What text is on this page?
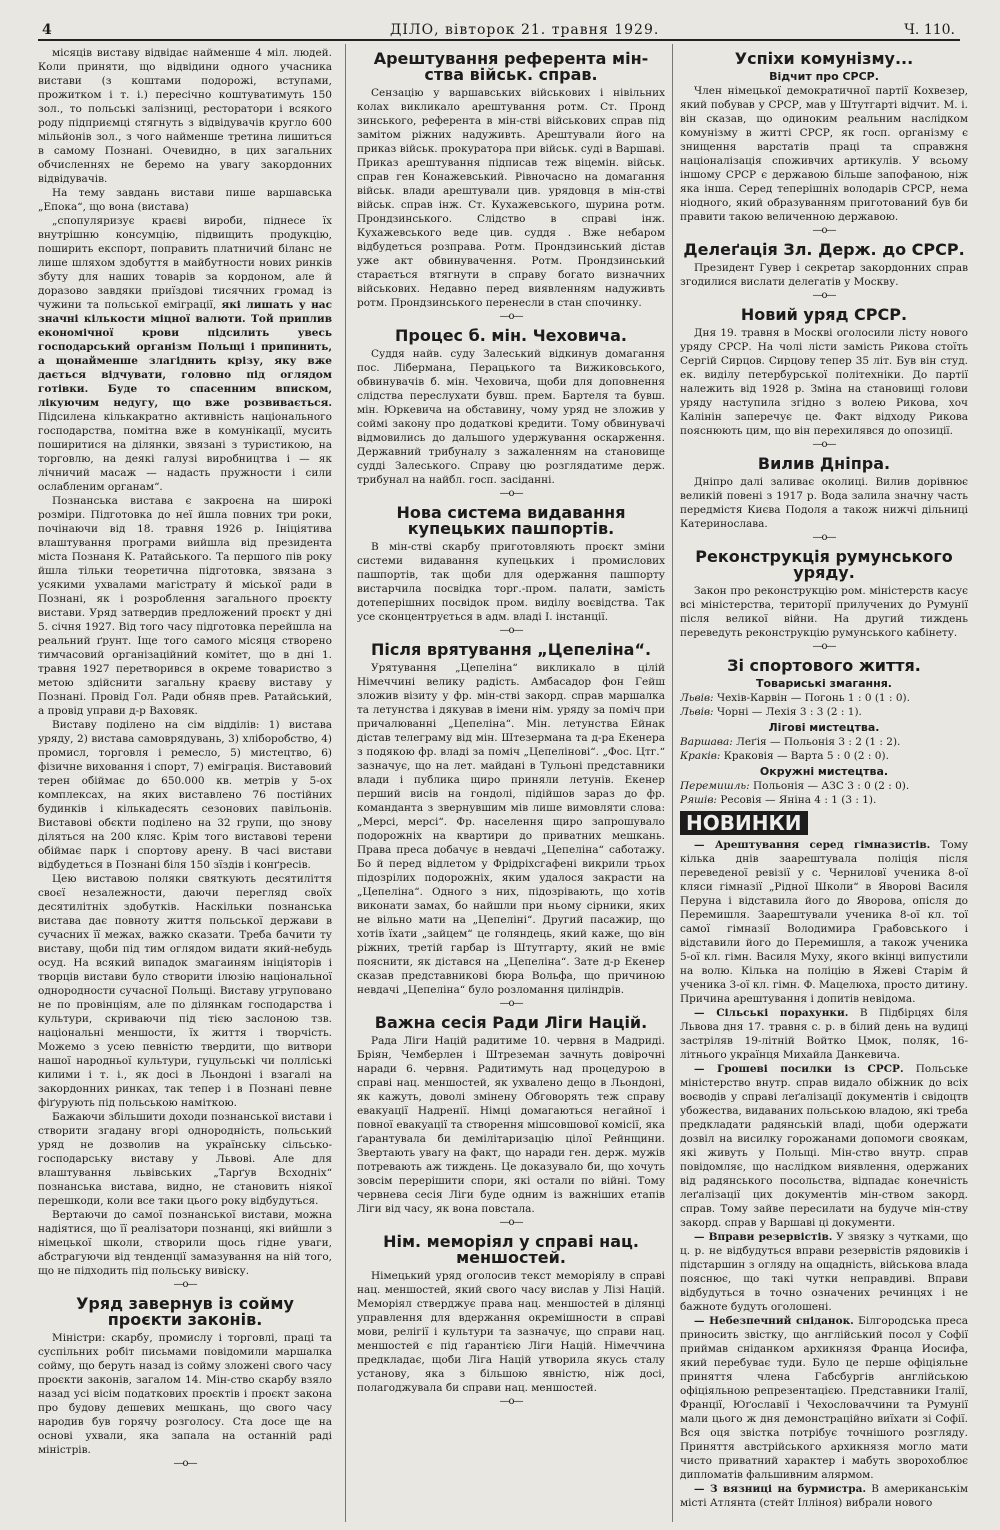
4	ДІЛО, вівторок 21. травня 1929.	Ч. 110.

місяців виставу відвідає найменше 4 міл. людей. Коли приняти, що відвідини одного учасника вистави (з коштами подорожі, вступами, прожитком і т. і.) пересічно коштуватимуть 150 зол., то польські залізниці, ресторатори і всякого роду підприємці стягнуть з відвідувачів кругло 600 мільйонів зол., з чого найменше третина лишиться в самому Познані. Очевидно, в цих загальних обчисленнях не беремо на увагу закордонних відвідувачів.

На тему завдань вистави пише варшавська „Епока“, що вона (вистава)

„спопуляризує краєві вироби, піднесе їх внутрішню консумцію, підвищить продукцію, поширить експорт, поправить платничий біланс не лише шляхом здобуття в майбутности нових ринків збуту для наших товарів за кордоном, але й доразово завдяки приїздові тисячних громад із чужини та польської еміграції, які лишать у нас значні кількости міцної валюти. Той приплив економічної крови підсилить увесь господарський організм Польщі і припинить, а щонайменше злагіднить крізу, яку вже дається відчувати, головно під оглядом готівки. Буде то спасенним вписком, лікуючим недугу, що вже розвивається. Підсилена кількакратно активність національного господарства, помітна вже в комунікації, мусить поширитися на ділянки, звязані з туристикою, на торговлю, на деякі галузі виробництва і — як лічничий масаж — надасть пружности і сили ослабленим органам“.

Познанська вистава є закроєна на широкі розміри. Підготовка до неї йшла повних три роки, почінаючи від 18. травня 1926 р. Ініціятива влаштування програми вийшла від президента міста Познаня К. Ратайського. Та першого пів року йшла тільки теоретична підготовка, звязана з усякими ухвалами магістрату й міської ради в Познані, як і розроблення загального проєкту вистави. Уряд затвердив предложений проєкт у дні 5. січня 1927. Від того часу підготовка перейшла на реальний ґрунт. Іще того самого місяця створено тимчасовий організаційний комітет, що в дні 1. травня 1927 перетворився в окреме товариство з метою здійснити загальну краєву виставу у Познані. Провід Гол. Ради обняв прев. Ратайський, а провід управи д-р Ваховяк.

Виставу поділено на сім відділів: 1) вистава уряду, 2) вистава самоврядувань, 3) хліборобство, 4) промисл, торговля і ремесло, 5) мистецтво, 6) фізичне виховання і спорт, 7) еміграція. Виставовий терен обіймає до 650.000 кв. метрів у 5-ох комплексах, на яких виставлено 76 постійних будинків і кількадесять сезонових павільонів. Виставові обєкти поділено на 32 групи, що знову діляться на 200 кляс. Крім того виставові терени обіймає парк і спортову арену. В часі вистави відбудеться в Познані біля 150 зїздів і конґресів.

Цею виставою поляки святкують десятиліття своєї незалежности, даючи перегляд своїх десятилітніх здобутків. Наскільки познанська вистава дає повноту життя польської держави в сучасних її межах, важко сказати. Треба бачити ту виставу, щоби під тим оглядом видати який-небудь осуд. На всякий випадок змагаиням ініціяторів і творців вистави було створити ілюзію національної однородности сучасної Польщі. Виставу угруповано не по провінціям, але по ділянкам господарства і культури, скриваючи під тією заслоною тзв. національні меншости, їх життя і творчість. Можемо з усею певністю твердити, що витвори нашої народньої культури, гуцульські чи полліські килими і т. і., як досі в Льондоні і взагалі на закордонних ринках, так тепер і в Познані певне фіґурують під польською наміткою.

Бажаючи збільшити доходи познанської вистави і створити згадану вгорі однородність, польський уряд не дозволив на українську сільсько-господарську виставу у Львові. Але для влаштування львівських „Тарґув Всходніх“ познанська вистава, видно, не становить ніякої перешкоди, коли все таки цього року відбудуться.

Вертаючи до самої познанської вистави, можна надіятися, що її реалізатори познанці, які вийшли з німецької школи, створили щось гідне уваги, абстрагуючи від тенденції замазування на ній того, що не підходить під польську вивіску.

—о—
Уряд завернув із сойму проєкти законів.

Міністри: скарбу, промислу і торговлі, праці та суспільних робіт письмами повідомили маршалка сойму, що беруть назад із сойму зложені свого часу проєкти законів, загалом 14. Мін-ство скарбу взяло назад усі вісім податкових проєктів і проєкт закона про будову дешевих мешкань, що свого часу народив був горячу розголосу. Ста досе ще на основі ухвали, яка запала на останній раді міністрів.

—о—
Арештування референта мін-ства військ. справ.

Сензацію у варшавських військових і нівільних колах викликало арештування ротм. Ст. Пронд зинського, референта в мін-стві військових справ під замітом ріжних надуживть. Арештували його на приказ військ. прокуратора при військ. суді в Варшаві. Приказ арештування підписав теж віцемін. військ. справ ген Конажевський. Рівночасно на домагання військ. влади арештували цив. урядовця в мін-стві військ. справ інж. Ст. Кухажевського, шурина ротм. Прондзинського. Слідство в справі інж. Кухажевського веде цив. суддя . Вже небаром відбудеться розправа. Ротм. Прондзинський дістав уже акт обвинувачення. Ротм. Прондзинський старається втягнути в справу богато визначних військових. Недавно перед виявленням надуживть ротм. Прондзинського перенесли в стан спочинку.

—о—
Процес б. мін. Чеховича.

Суддя найв. суду Залеський відкинув домагання пос. Лібермана, Перацького та Вижиковського, обвинувачів б. мін. Чеховича, щоби для доповнення слідства переслухати бувш. прем. Бартеля та бувш. мін. Юркевича на обставину, чому уряд не зложив у соймі закону про додаткові кредити. Тому обвинувачі відмовились до дальшого удержування оскарження. Державний трибуналу з зажаленням на становище судді Залеського. Справу цю розглядатиме держ. трибунал на найбл. госп. засіданні.

—о—
Нова система видавання купецьких пашпортів.

В мін-стві скарбу приготовляють проєкт зміни системи видавання купецьких і промислових пашпортів, так щоби для одержання пашпорту вистарчила посвідка торг.-пром. палати, замість дотеперішних посвідок пром. виділу воєвідства. Так усе сконцентрується в адм. владі І. інстанції.

—о—
Після врятування „Цепеліна“.

Урятування „Цепеліна“ викликало в цілій Німеччині велику радість. Амбасадор фон Гейш зложив візиту у фр. мін-стві закорд. справ маршалка та летунства і дякував в імени нім. уряду за поміч при причалюванні „Цепеліна“. Мін. летунства Ейнак дістав телеграму від мін. Штезермана та д-ра Екенера з подякою фр. владі за поміч „Цепелінові“. „Фос. Цтг.“ зазначує, що на лет. майдані в Тульоні представники влади і публика щиро приняли летунів. Екенер перший висів на гондолі, підійшов зараз до фр. командантa з звернувшим мів лише вимовляти слова: „Мерсі, мерсі“. Фр. населення щиро запрошувало подорожніх на квартири до приватних мешкань. Права преса добачує в невдачі „Цепеліна“ саботажу. Бо й перед відлетом у Фрідріхсгафені викрили трьох підозрілих подорожніх, яким удалося закрасти на „Цепеліна“. Одного з них, підозрівають, що хотів виконати замах, бо найшли при ньому сірники, яких не вільно мати на „Цепеліні“. Другий пасажир, що хотів їхати „зайцем“ це голяндець, який каже, що він ріжних, третій гарбар із Штутгарту, який не вміє пояснити, як дістався на „Цепеліна“. Зате д-р Екенер сказав представникові бюра Вольфа, що причиною невдачі „Цепеліна“ було розломання циліндрів.

—о—
Важна сесія Ради Ліги Націй.

Рада Ліги Націй радитиме 10. червня в Мадриді. Бріян, Чемберлен і Штреземан зачнуть довірочні наради 6. червня. Радитимуть над процедурою в справі нац. меншостей, як ухвалено дещо в Льондоні, як кажуть, доволі змінену Обговорять теж справу евакуації Надренії. Німці домагаються негайної і повної евакуації та створення мішсовшової комісії, яка ґарантувала би демілітаризацію цілої Рейнщини. Звертають увагу на факт, що наради ген. держ. мужів потревають аж тиждень. Це доказувало би, що хочуть зовсім перерішити спори, які остали по війні. Тому червнева сесія Ліги буде одним із важніших етапів Ліги від часу, як вона повстала.

—о—
Нім. меморіял у справі нац. меншостей.

Німецький уряд оголосив текст меморіялу в справі нац. меншостей, який свого часу вислав у Лізі Націй. Меморіял стверджує права нац. меншостей в ділянці управлення для вдержання окремішности в справі мови, релігії і культури та зазначує, що справи нац. меншостей є під ґарантією Ліги Націй. Німеччина предкладає, щоби Ліга Націй утворила якусь сталу установу, яка з більшою явністю, ніж досі, полагоджувала би справи нац. меншостей.

—о—
Успіхи комунізму...
Відчит про СРСР.

Член німецької демократичної партії Кохвезер, який побував у СРСР, мав у Штутгарті відчит. М. і. він сказав, що одиноким реальним наслідком комунізму в житті СРСР, як госп. організму є знищення варстатів праці та справжня націоналізація споживчих артикулів. У всьому іншому СРСР є державою більше запофаною, ніж яка інша. Серед теперішніх володарів СРСР, нема ніодного, який образуванням приготований був би правити такою величенною державою.

—о—
Делеґація Зл. Держ. до СРСР.

Президент Гувер і секретар закордонних справ згодилися вислати делегатів у Москву.

—о—
Новий уряд СРСР.

Дня 19. травня в Москві оголосили лісту нового уряду СРСР. На чолі лісти замість Рикова стоїть Сергій Сирцов. Сирцову тепер 35 літ. Був він студ. ек. виділу петербурської політехніки. До партії належить від 1928 р. Зміна на становищі голови уряду наступила згідно з волею Рикова, хоч Калінін заперечує це. Факт відходу Рикова пояснюють цим, що він перехилявся до опозиції.

—о—
Вилив Дніпра.

Дніпро далі заливає околиці. Вилив дорівнює великій повені з 1917 р. Вода залила значну часть передмістя Києва Подоля а також нижчі дільниці Катеринослава.

—о—
Реконструкція румунського уряду.

Закон про реконструкцію ром. міністерств касує всі міністерства, території прилучених до Румунії після великої війни. На другий тиждень переведуть реконструкцію румунського кабінету.

—о—
Зі спортового життя.
Товариські змагання.

Львів: Чехів-Карвін — Погонь 1 : 0 (1 : 0).

Львів: Чорні — Лехія 3 : 3 (2 : 1).

Лігові мистецтва.

Варшава: Леґія — Польонія 3 : 2 (1 : 2).

Краків: Краковія — Варта 5 : 0 (2 : 0).

Окружні мистецтва.

Перемишль: Польонія — АЗС 3 : 0 (2 : 0).

Ряшів: Ресовія — Яніна 4 : 1 (3 : 1).

НОВИНКИ

— Арештування серед гімназистів. Тому кілька днів заарештувала поліція після переведеної ревізії у с. Черниловї ученика 8-ої кляси гімназії „Рідної Школи“ в Яворові Василя Перуна і відставила його до Яворова, опісля до Перемишля. Заарештували ученика 8-ої кл. тої самої гімназії Володимира Грабовського і відставили його до Перемишля, а також ученика 5-ої кл. гімн. Василя Муху, якого вкінці випустили на волю. Кілька на поліцію в Яжеві Старім й ученика 3-ої кл. гімн. Ф. Мацелюха, просто дитину. Причина арештування і допитів невідома.

— Сільські порахунки. В Підбірцях біля Львова дня 17. травня с. р. в білий день на вудиці застріляв 19-літній Войтко Цмок, поляк, 16-літнього українця Михайла Данкевича.

— Грошеві посилки із СРСР. Польське міністерство внутр. справ видало обіжник до всіх воєводів у справі леґалізації документів і свідоцтв убожества, видаваних польською владою, які треба предкладати радянській владі, щоби одержати дозвіл на висилку горожанами допомоги своякам, які живуть у Польщі. Мін-ство внутр. справ повідомляє, що наслідком виявлення, одержаних від радянського посольства, відпадає конечність леґалізації цих документів мін-ством закорд. справ. Тому зайве пересилати на будуче мін-ству закорд. справ у Варшаві ці документи.

— Вправи резервістів. У звязку з чутками, що ц. р. не відбудуться вправи резервістів рядовиків і підстаршин з огляду на ощадність, військова влада пояснює, що такі чутки неправдиві. Вправи відбудуться в точно означених речинцях і не бажноте будуть оголошені.

— Небезпечний сніданок. Білгородська преса приносить звістку, що англійський посол у Софії приймав сніданком архикнязя Франца Иосифа, який перебуває туди. Було це перше офіціяльне приняття члена Габсбургів англійською офіціяльною репрезентацією. Представники Італії, Франції, Юґославії і Чехословаччини та Румунії мали цього ж дня демонстраційно виїхати зі Софії. Вся оця звістка потрібує точнішого розгляду. Приняття австрійського архикнязя могло мати чисто приватний характер і мабуть зворохоблює дипломатів фальшивним алярмом.

— З вязниці на бурмистра. В американськім місті Атлянта (стейт Ілліноя) вибрали нового
